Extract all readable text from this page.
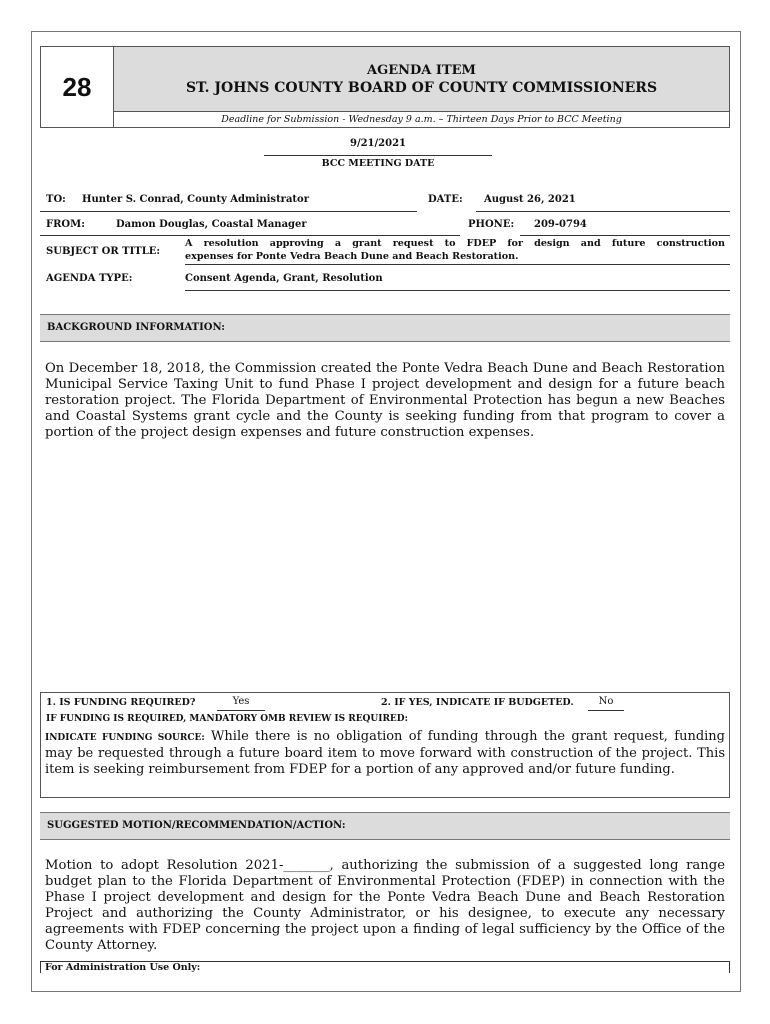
28
AGENDA ITEM
ST. JOHNS COUNTY BOARD OF COUNTY COMMISSIONERS
Deadline for Submission - Wednesday 9 a.m. – Thirteen Days Prior to BCC Meeting
9/21/2021
BCC MEETING DATE
TO: Hunter S. Conrad, County Administrator	DATE: August 26, 2021
FROM:	Damon Douglas, Coastal Manager	PHONE: 209-0794
SUBJECT OR TITLE:
A resolution approving a grant request to FDEP for design and future construction
expenses for Ponte Vedra Beach Dune and Beach Restoration.
AGENDA TYPE:	Consent Agenda, Grant, Resolution
BACKGROUND INFORMATION:
On December 18, 2018, the Commission created the Ponte Vedra Beach Dune and Beach Restoration Municipal Service Taxing Unit to fund Phase I project development and design for a future beach restoration project. The Florida Department of Environmental Protection has begun a new Beaches and Coastal Systems grant cycle and the County is seeking funding from that program to cover a portion of the project design expenses and future construction expenses.
1. IS FUNDING REQUIRED?	Yes	2. IF YES, INDICATE IF BUDGETED.	No
IF FUNDING IS REQUIRED, MANDATORY OMB REVIEW IS REQUIRED:
INDICATE FUNDING SOURCE: While there is no obligation of funding through the grant request, funding may be requested through a future board item to move forward with construction of the project. This item is seeking reimbursement from FDEP for a portion of any approved and/or future funding.
SUGGESTED MOTION/RECOMMENDATION/ACTION:
Motion to adopt Resolution 2021-_______, authorizing the submission of a suggested long range budget plan to the Florida Department of Environmental Protection (FDEP) in connection with the Phase I project development and design for the Ponte Vedra Beach Dune and Beach Restoration Project and authorizing the County Administrator, or his designee, to execute any necessary agreements with FDEP concerning the project upon a finding of legal sufficiency by the Office of the County Attorney.
For Administration Use Only:
